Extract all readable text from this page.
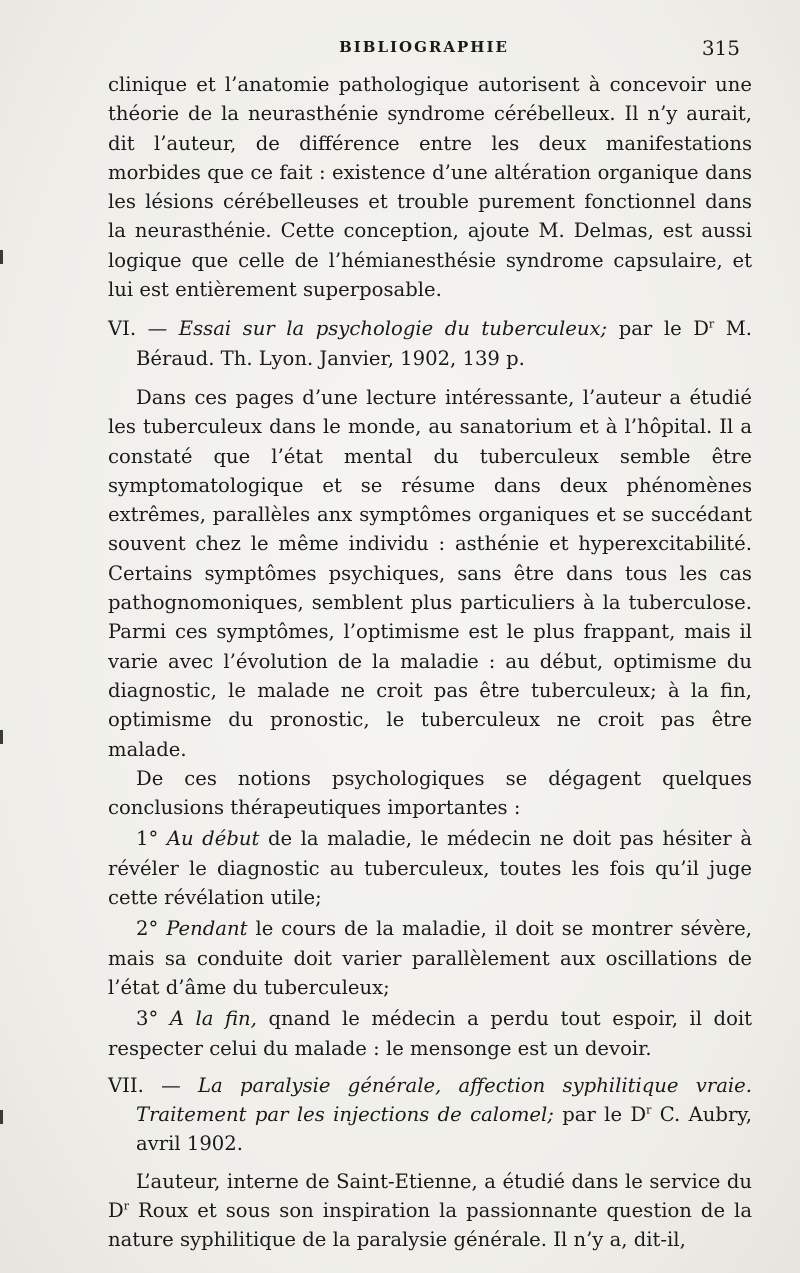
BIBLIOGRAPHIE	315

clinique et l’anatomie pathologique autorisent à concevoir une théorie de la neurasthénie syndrome cérébelleux. Il n’y aurait, dit l’auteur, de différence entre les deux manifestations morbides que ce fait : existence d’une altération organique dans les lésions cérébelleuses et trouble purement fonctionnel dans la neurasthénie. Cette conception, ajoute M. Delmas, est aussi logique que celle de l’hémianesthésie syndrome capsulaire, et lui est entièrement superposable.

VI. — Essai sur la psychologie du tuberculeux; par le $D^r$ M. Béraud. Th. Lyon. Janvier, 1902, 139 p.

Dans ces pages d’une lecture intéressante, l’auteur a étudié les tuberculeux dans le monde, au sanatorium et à l’hôpital. Il a constaté que l’état mental du tuberculeux semble être symptomatologique et se résume dans deux phénomènes extrêmes, parallèles anx symptômes organiques et se succédant souvent chez le même individu : asthénie et hyperexcitabilité. Certains symptômes psychiques, sans être dans tous les cas pathognomoniques, semblent plus particuliers à la tuberculose. Parmi ces symptômes, l’optimisme est le plus frappant, mais il varie avec l’évolution de la maladie : au début, optimisme du diagnostic, le malade ne croit pas être tuberculeux; à la fin, optimisme du pronostic, le tuberculeux ne croit pas être malade.

De ces notions psychologiques se dégagent quelques conclusions thérapeutiques importantes :

1° Au début de la maladie, le médecin ne doit pas hésiter à révéler le diagnostic au tuberculeux, toutes les fois qu’il juge cette révélation utile;

2° Pendant le cours de la maladie, il doit se montrer sévère, mais sa conduite doit varier parallèlement aux oscillations de l’état d’âme du tuberculeux;

3° A la fin, qnand le médecin a perdu tout espoir, il doit respecter celui du malade : le mensonge est un devoir.

VII. — La paralysie générale, affection syphilitique vraie. Traitement par les injections de calomel; par le $D^r$ C. Aubry, avril 1902.

L’auteur, interne de Saint-Etienne, a étudié dans le service du $D^r$ Roux et sous son inspiration la passionnante question de la nature syphilitique de la paralysie générale. Il n’y a, dit-il,
